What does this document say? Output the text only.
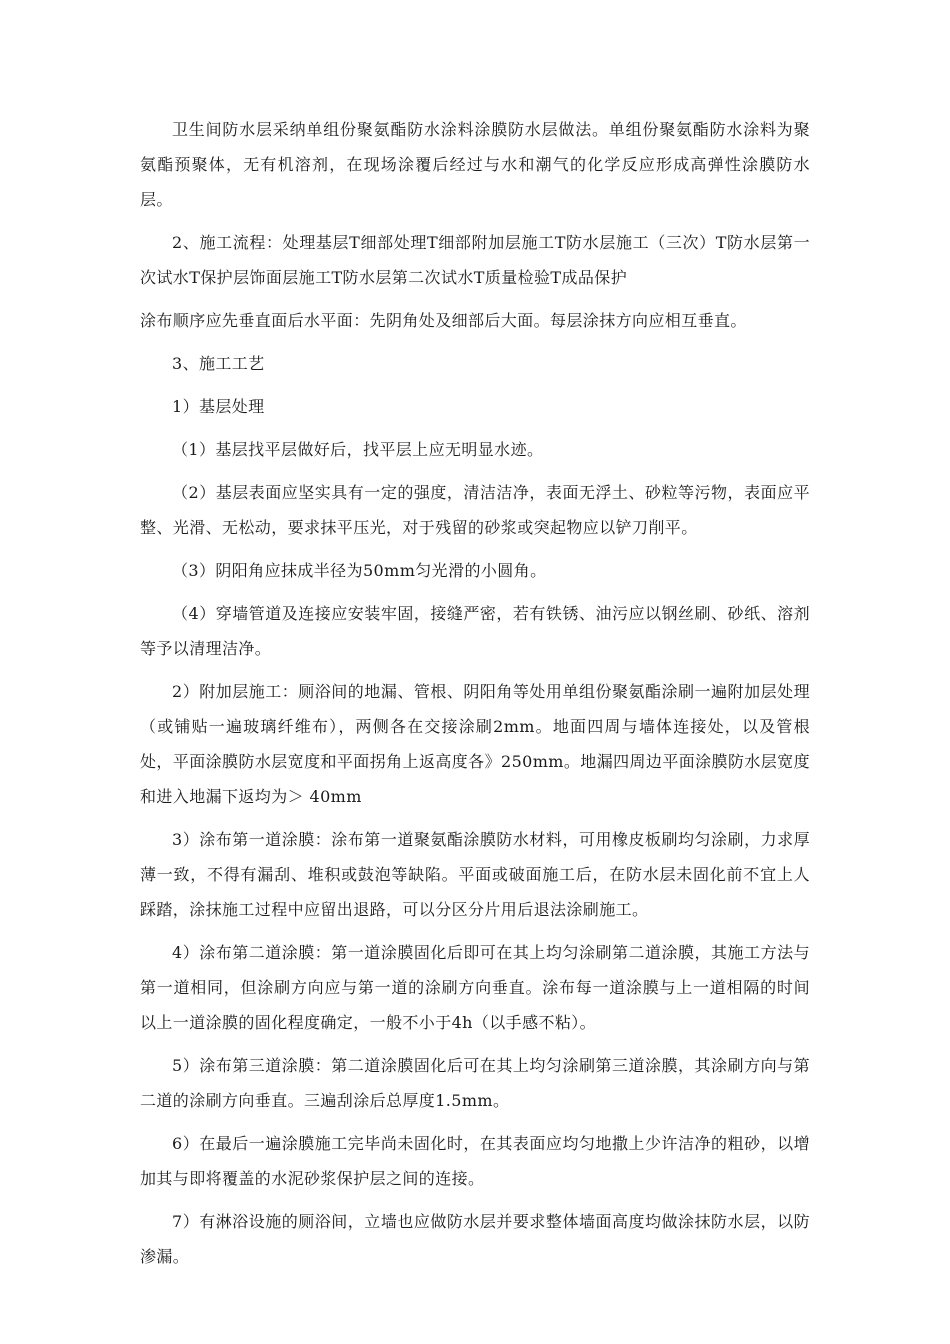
卫生间防水层采纳单组份聚氨酯防水涂料涂膜防水层做法。单组份聚氨酯防水涂料为聚氨酯预聚体，无有机溶剂，在现场涂覆后经过与水和潮气的化学反应形成高弹性涂膜防水层。

2、施工流程：处理基层T细部处理T细部附加层施工T防水层施工（三次）T防水层第一次试水T保护层饰面层施工T防水层第二次试水T质量检验T成品保护

涂布顺序应先垂直面后水平面：先阴角处及细部后大面。每层涂抹方向应相互垂直。

3、施工工艺

1）基层处理

（1）基层找平层做好后，找平层上应无明显水迹。

（2）基层表面应坚实具有一定的强度，清洁洁净，表面无浮土、砂粒等污物，表面应平整、光滑、无松动，要求抹平压光，对于残留的砂浆或突起物应以铲刀削平。

（3）阴阳角应抹成半径为50mm匀光滑的小圆角。

（4）穿墙管道及连接应安装牢固，接缝严密，若有铁锈、油污应以钢丝刷、砂纸、溶剂等予以清理洁净。

2）附加层施工：厕浴间的地漏、管根、阴阳角等处用单组份聚氨酯涂刷一遍附加层处理（或铺贴一遍玻璃纤维布），两侧各在交接涂刷2mm。地面四周与墙体连接处，以及管根处，平面涂膜防水层宽度和平面拐角上返高度各》250mm。地漏四周边平面涂膜防水层宽度和进入地漏下返均为＞ 40mm

3）涂布第一道涂膜：涂布第一道聚氨酯涂膜防水材料，可用橡皮板刷均匀涂刷，力求厚薄一致，不得有漏刮、堆积或鼓泡等缺陷。平面或破面施工后，在防水层未固化前不宜上人踩踏，涂抹施工过程中应留出退路，可以分区分片用后退法涂刷施工。

4）涂布第二道涂膜：第一道涂膜固化后即可在其上均匀涂刷第二道涂膜，其施工方法与第一道相同，但涂刷方向应与第一道的涂刷方向垂直。涂布每一道涂膜与上一道相隔的时间以上一道涂膜的固化程度确定，一般不小于4h（以手感不粘）。

5）涂布第三道涂膜：第二道涂膜固化后可在其上均匀涂刷第三道涂膜，其涂刷方向与第二道的涂刷方向垂直。三遍刮涂后总厚度1.5mm。

6）在最后一遍涂膜施工完毕尚未固化时，在其表面应均匀地撒上少许洁净的粗砂，以增加其与即将覆盖的水泥砂浆保护层之间的连接。

7）有淋浴设施的厕浴间，立墙也应做防水层并要求整体墙面高度均做涂抹防水层，以防渗漏。
